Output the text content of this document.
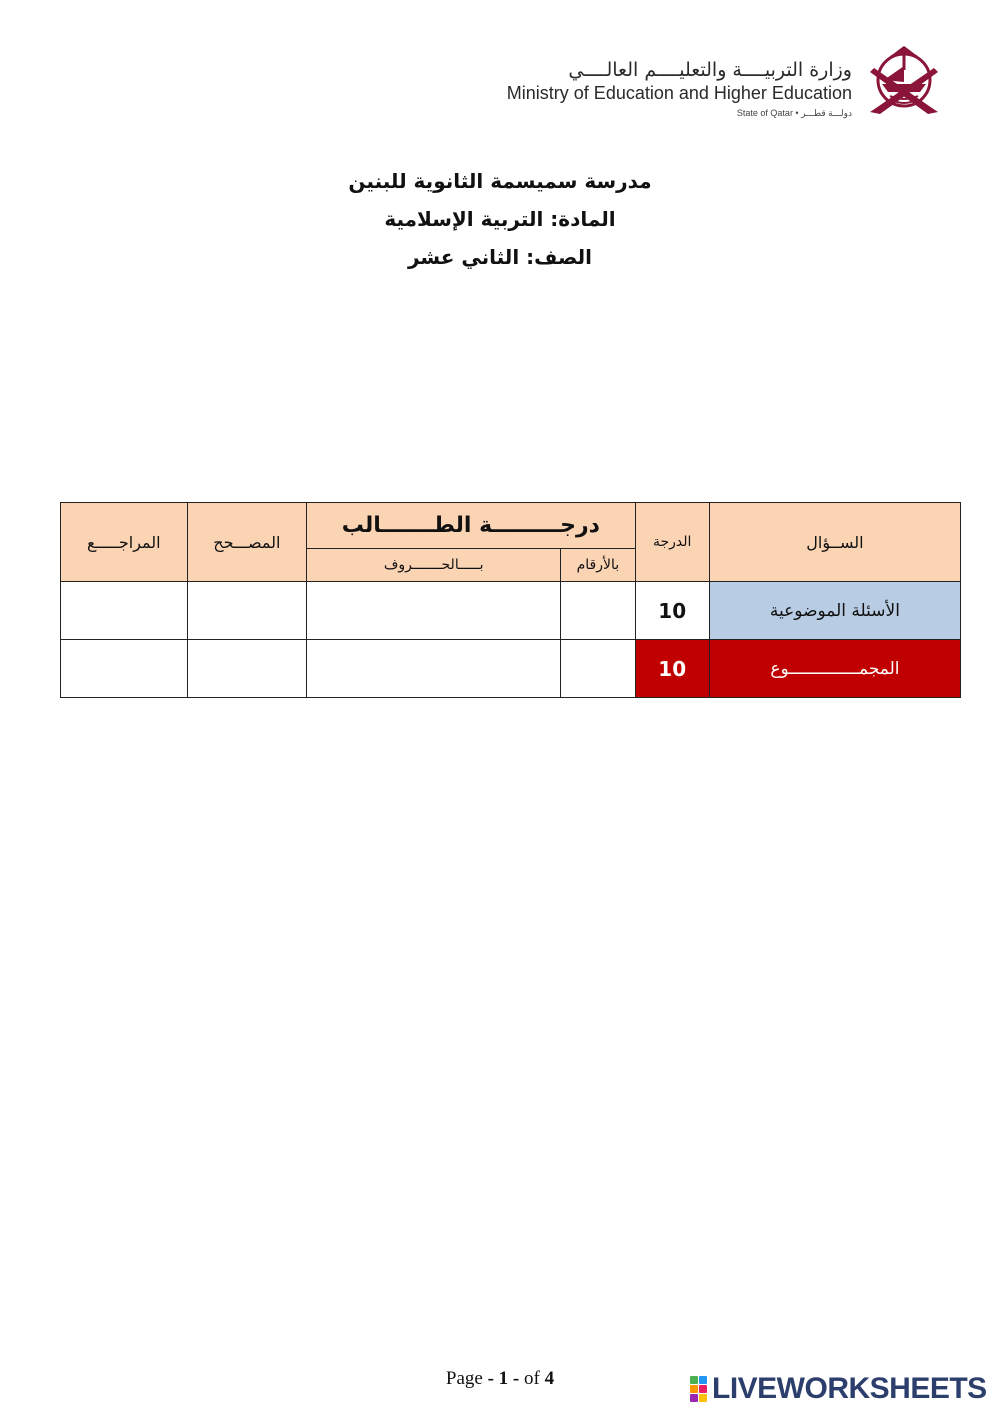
وزارة التربيــــة والتعليــــم العالــــي
Ministry of Education and Higher Education
State of Qatar • دولـــة قطـــر
مدرسة سميسمة الثانوية للبنين
المادة: التربية الإسلامية
الصف: الثاني عشر
الســؤال	الدرجة	درجـــــــــة الطـــــــالب		المصـــحح	المراجـــــع
		بالأرقام	بـــــالحـــــــروف		
الأسئلة الموضوعية	10				
المجمــــــــــــــوع	10				
Page - 1 - of 4	LIVEWORKSHEETS
